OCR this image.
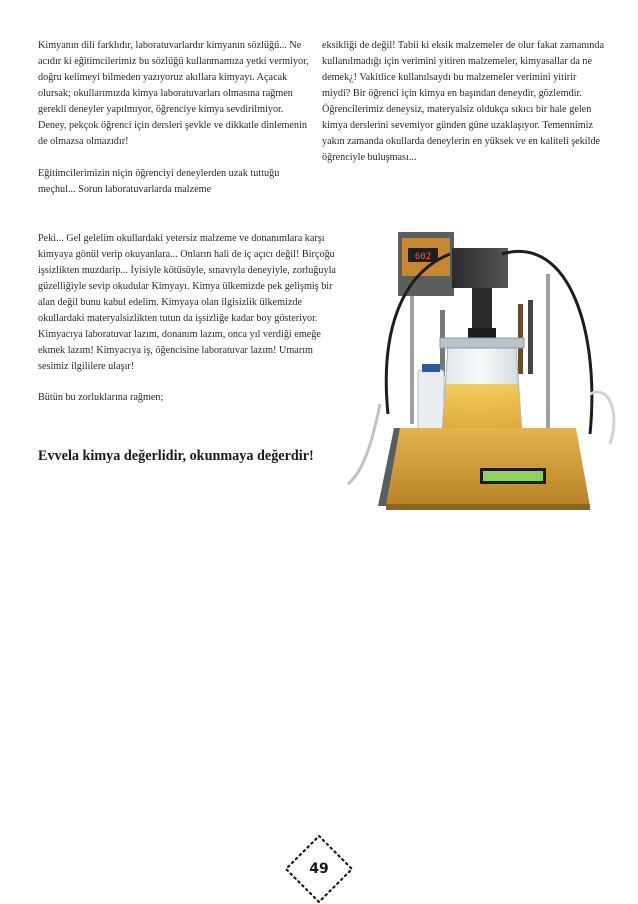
Kimyanın dili farklıdır, laboratuvarlardır kimyanın sözlüğü... Ne acıdır ki eğitimcilerimiz bu sözlüğü kullanmamıza yetki vermiyor, doğru kelimeyi bilmeden yazıyoruz akıllara kimyayı. Açacak olursak; okullarımızda kimya laboratuvarları olmasına rağmen gerekli deneyler yapılmıyor, öğrenciye kimya sevdirilmiyor. Deney, pekçok öğrenci için dersleri şevkle ve dikkatle dinlemenin de olmazsa olmazıdır!

Eğitimcilerimizin niçin öğrenciyi deneylerden uzak tuttuğu meçhul... Sorun laboratuvarlarda malzeme

eksikliği de değil! Tabii ki eksik malzemeler de olur fakat zamanında kullanılmadığı için verimini yitiren malzemeler, kimyasallar da ne demek¿! Vakitlice kullanılsaydı bu malzemeler verimini yitirir miydi? Bir öğrenci için kimya en başından deneydir, gözlemdir. Öğrencilerimiz deneysiz, materyalsiz oldukça sıkıcı bir hale gelen kimya derslerini sevemiyor günden güne uzaklaşıyor. Temennimiz yakın zamanda okullarda deneylerin en yüksek ve en kaliteli şekilde öğrenciyle buluşması...

Peki... Gel gelelim okullardaki yetersiz malzeme ve donanımlara karşı kimyaya gönül verip okuyanlara... Onların hali de iç açıcı değil! Birçoğu işsizlikten muzdarip... İyisiyle kötüsüyle, sınavıyla deneyiyle, zorluğuyla güzelliğiyle sevip okudular Kimyayı. Kimya ülkemizde pek gelişmiş bir alan değil bunu kabul edelim. Kimyaya olan ilgisizlik ülkemizde okullardaki materyalsizlikten tutun da işsizliğe kadar boy gösteriyor. Kimyacıya laboratuvar lazım, donanım lazım, onca yıl verdiği emeğe ekmek lazım! Kimyacıya iş, öğencisine laboratuvar lazım! Umarım sesimiz ilgililere ulaşır!

Bütün bu zorluklarına rağmen;

Evvela kimya değerlidir, okunmaya değerdir!
602
49
